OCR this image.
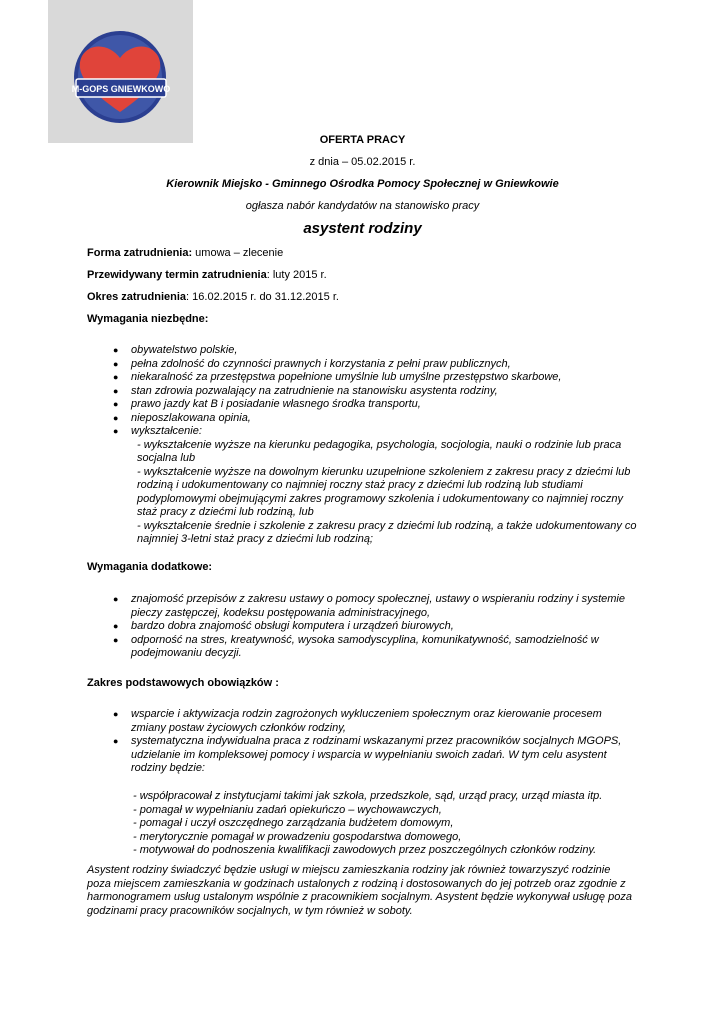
M-GOPS GNIEWKOWO
OFERTA PRACY
z dnia – 05.02.2015 r.
Kierownik Miejsko - Gminnego Ośrodka Pomocy Społecznej w Gniewkowie
ogłasza nabór kandydatów na stanowisko pracy
asystent rodziny
Forma zatrudnienia: umowa – zlecenie
Przewidywany termin zatrudnienia: luty 2015 r.
Okres zatrudnienia: 16.02.2015 r. do 31.12.2015 r.
Wymagania niezbędne:
● obywatelstwo polskie,
● pełna zdolność do czynności prawnych i korzystania z pełni praw publicznych,
● niekaralność za przestępstwa popełnione umyślnie lub umyślne przestępstwo skarbowe,
● stan zdrowia pozwalający na zatrudnienie na stanowisku asystenta rodziny,
● prawo jazdy kat B i posiadanie własnego środka transportu,
● nieposzlakowana opinia,
● wykształcenie:
- wykształcenie wyższe na kierunku pedagogika, psychologia, socjologia, nauki o rodzinie lub praca socjalna lub
- wykształcenie wyższe na dowolnym kierunku uzupełnione szkoleniem z zakresu pracy z dziećmi lub rodziną i udokumentowany co najmniej roczny staż pracy z dziećmi lub rodziną lub studiami podyplomowymi obejmującymi zakres programowy szkolenia i udokumentowany co najmniej roczny staż pracy z dziećmi lub rodziną, lub
- wykształcenie średnie i szkolenie z zakresu pracy z dziećmi lub rodziną, a także udokumentowany co najmniej 3-letni staż pracy z dziećmi lub rodziną;
Wymagania dodatkowe:
● znajomość przepisów z zakresu ustawy o pomocy społecznej, ustawy o wspieraniu rodziny i systemie pieczy zastępczej, kodeksu postępowania administracyjnego,
● bardzo dobra znajomość obsługi komputera i urządzeń biurowych,
● odporność na stres, kreatywność, wysoka samodyscyplina, komunikatywność, samodzielność w podejmowaniu decyzji.
Zakres podstawowych obowiązków :
● wsparcie i aktywizacja rodzin zagrożonych wykluczeniem społecznym oraz kierowanie procesem zmiany postaw życiowych członków rodziny,
● systematyczna indywidualna praca z rodzinami wskazanymi przez pracowników socjalnych MGOPS, udzielanie im kompleksowej pomocy i wsparcia w wypełnianiu swoich zadań. W tym celu asystent rodziny będzie:
- współpracował z instytucjami takimi jak szkoła, przedszkole, sąd, urząd pracy, urząd miasta itp.
- pomagał w wypełnianiu zadań opiekuńczo – wychowawczych,
- pomagał i uczył oszczędnego zarządzania budżetem domowym,
- merytorycznie pomagał w prowadzeniu gospodarstwa domowego,
- motywował do podnoszenia kwalifikacji zawodowych przez poszczególnych członków rodziny.
Asystent rodziny świadczyć będzie usługi w miejscu zamieszkania rodziny jak również towarzyszyć rodzinie poza miejscem zamieszkania w godzinach ustalonych z rodziną i dostosowanych do jej potrzeb oraz zgodnie z harmonogramem usług ustalonym wspólnie z pracownikiem socjalnym. Asystent będzie wykonywał usługę poza godzinami pracy pracowników socjalnych, w tym również w soboty.
